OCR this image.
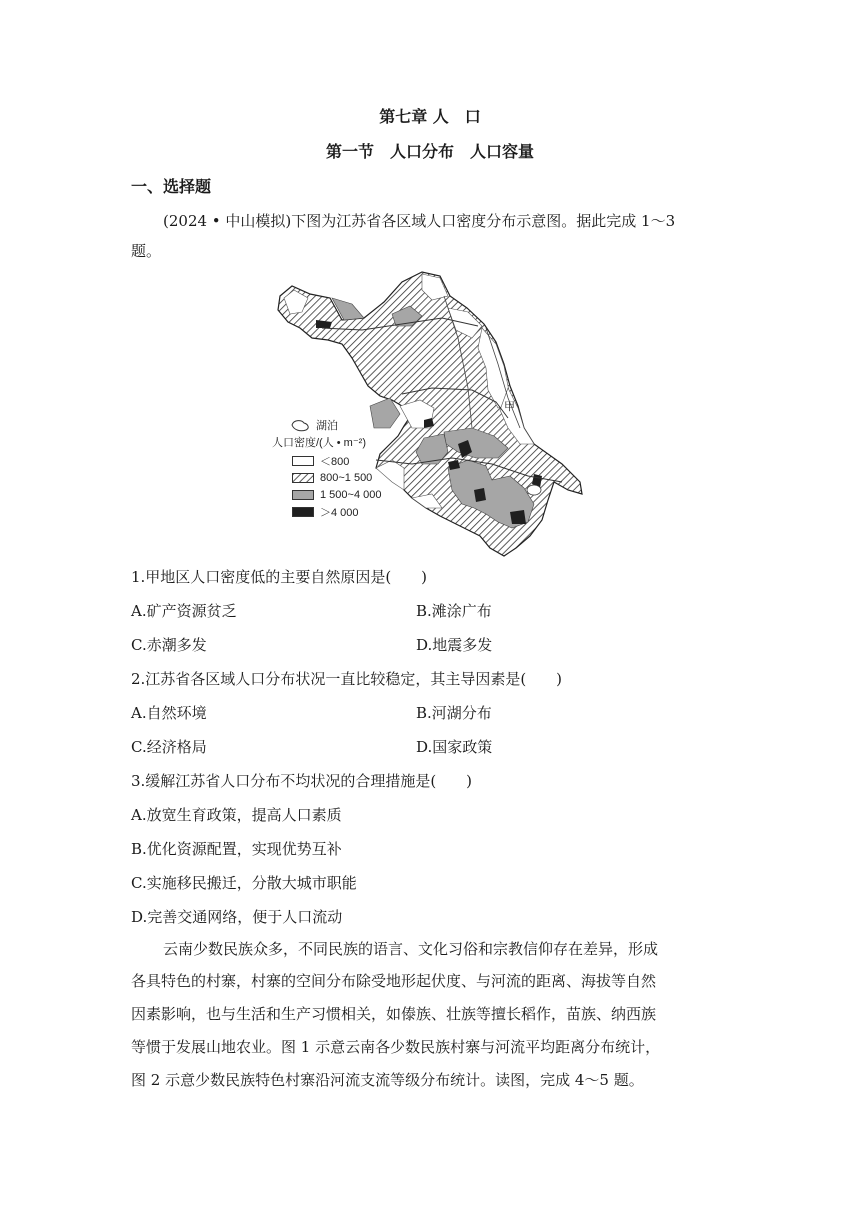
第七章 人　口
第一节　人口分布　人口容量
一、选择题
(2024 • 中山模拟)下图为江苏省各区域人口密度分布示意图。据此完成 1～3
题。
甲
湖泊
人口密度/(人 • m⁻²)
＜800
800~1 500
1 500~4 000
＞4 000
1.甲地区人口密度低的主要自然原因是(　　)
A.矿产资源贫乏	B.滩涂广布
C.赤潮多发	D.地震多发
2.江苏省各区域人口分布状况一直比较稳定，其主导因素是(　　)
A.自然环境	B.河湖分布
C.经济格局	D.国家政策
3.缓解江苏省人口分布不均状况的合理措施是(　　)
A.放宽生育政策，提高人口素质
B.优化资源配置，实现优势互补
C.实施移民搬迁，分散大城市职能
D.完善交通网络，便于人口流动
云南少数民族众多，不同民族的语言、文化习俗和宗教信仰存在差异，形成
各具特色的村寨，村寨的空间分布除受地形起伏度、与河流的距离、海拔等自然
因素影响，也与生活和生产习惯相关，如傣族、壮族等擅长稻作，苗族、纳西族
等惯于发展山地农业。图 1 示意云南各少数民族村寨与河流平均距离分布统计，
图 2 示意少数民族特色村寨沿河流支流等级分布统计。读图，完成 4～5 题。
